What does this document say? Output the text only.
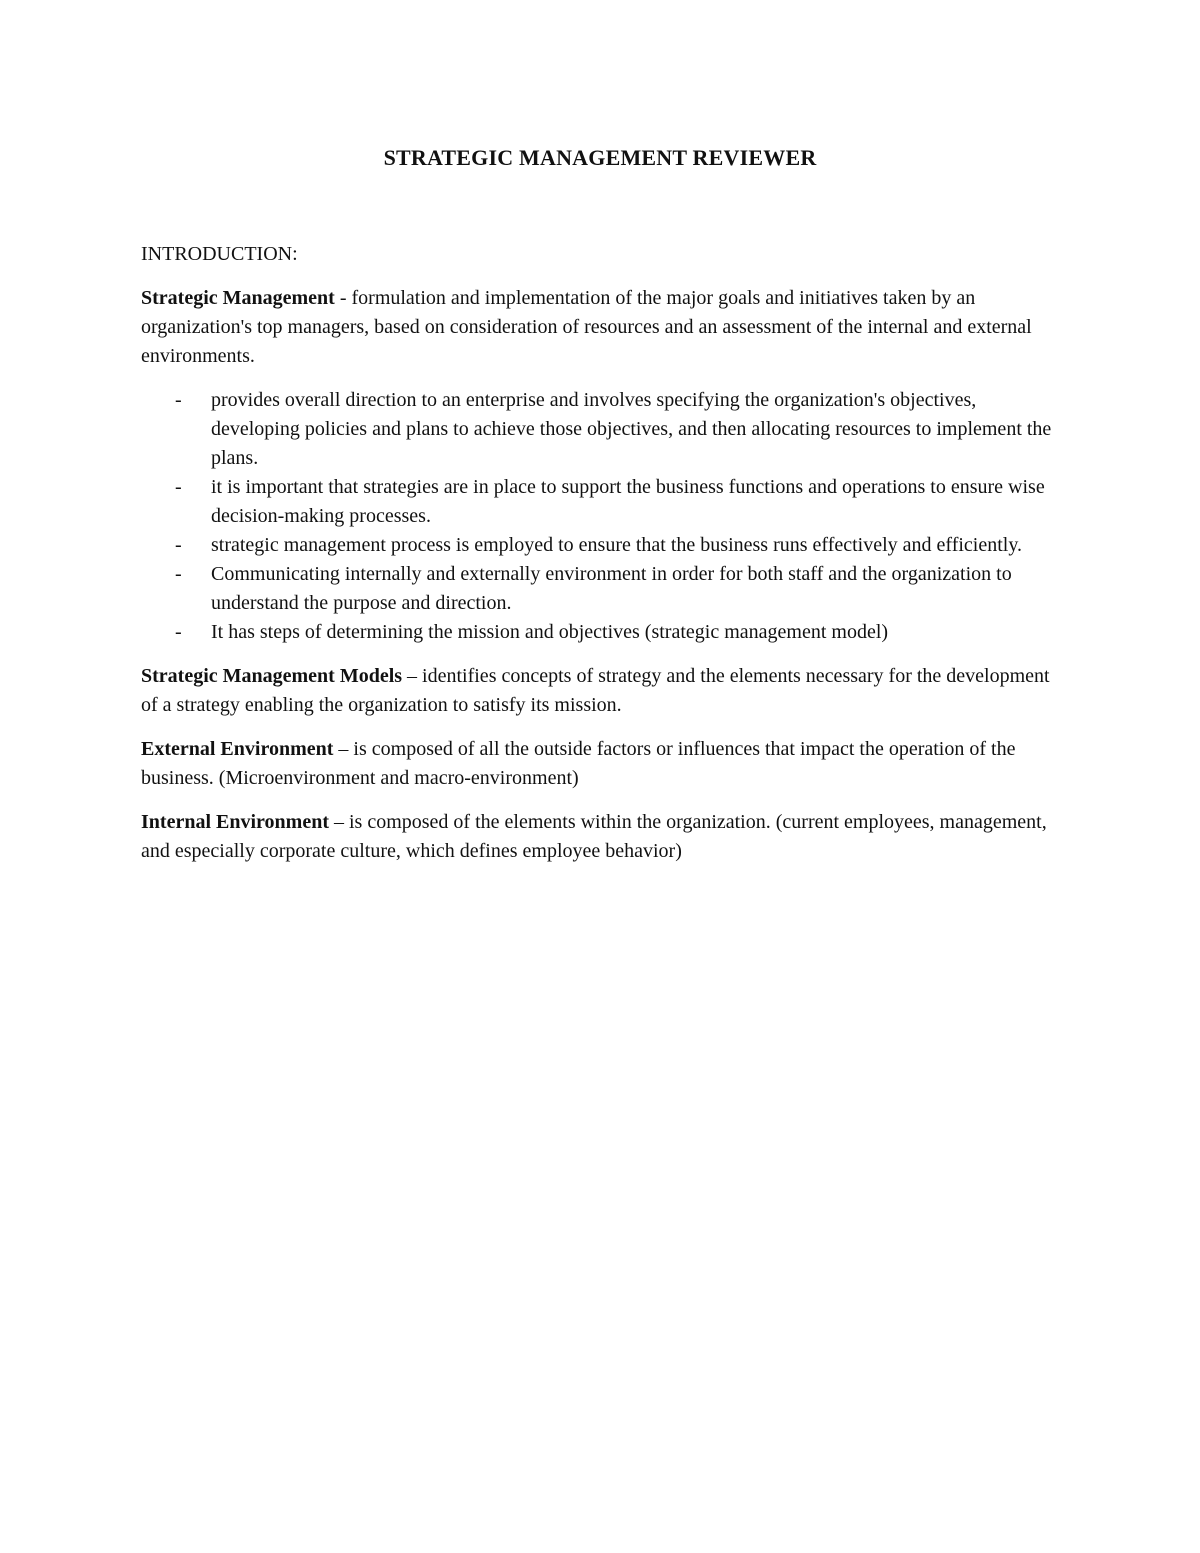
STRATEGIC MANAGEMENT REVIEWER
INTRODUCTION:

Strategic Management - formulation and implementation of the major goals and initiatives taken by an organization's top managers, based on consideration of resources and an assessment of the internal and external environments.

- provides overall direction to an enterprise and involves specifying the organization's objectives, developing policies and plans to achieve those objectives, and then allocating resources to implement the plans.
- it is important that strategies are in place to support the business functions and operations to ensure wise decision-making processes.
- strategic management process is employed to ensure that the business runs effectively and efficiently.
- Communicating internally and externally environment in order for both staff and the organization to understand the purpose and direction.
- It has steps of determining the mission and objectives (strategic management model)

Strategic Management Models – identifies concepts of strategy and the elements necessary for the development of a strategy enabling the organization to satisfy its mission.

External Environment – is composed of all the outside factors or influences that impact the operation of the business. (Microenvironment and macro-environment)

Internal Environment – is composed of the elements within the organization. (current employees, management, and especially corporate culture, which defines employee behavior)
